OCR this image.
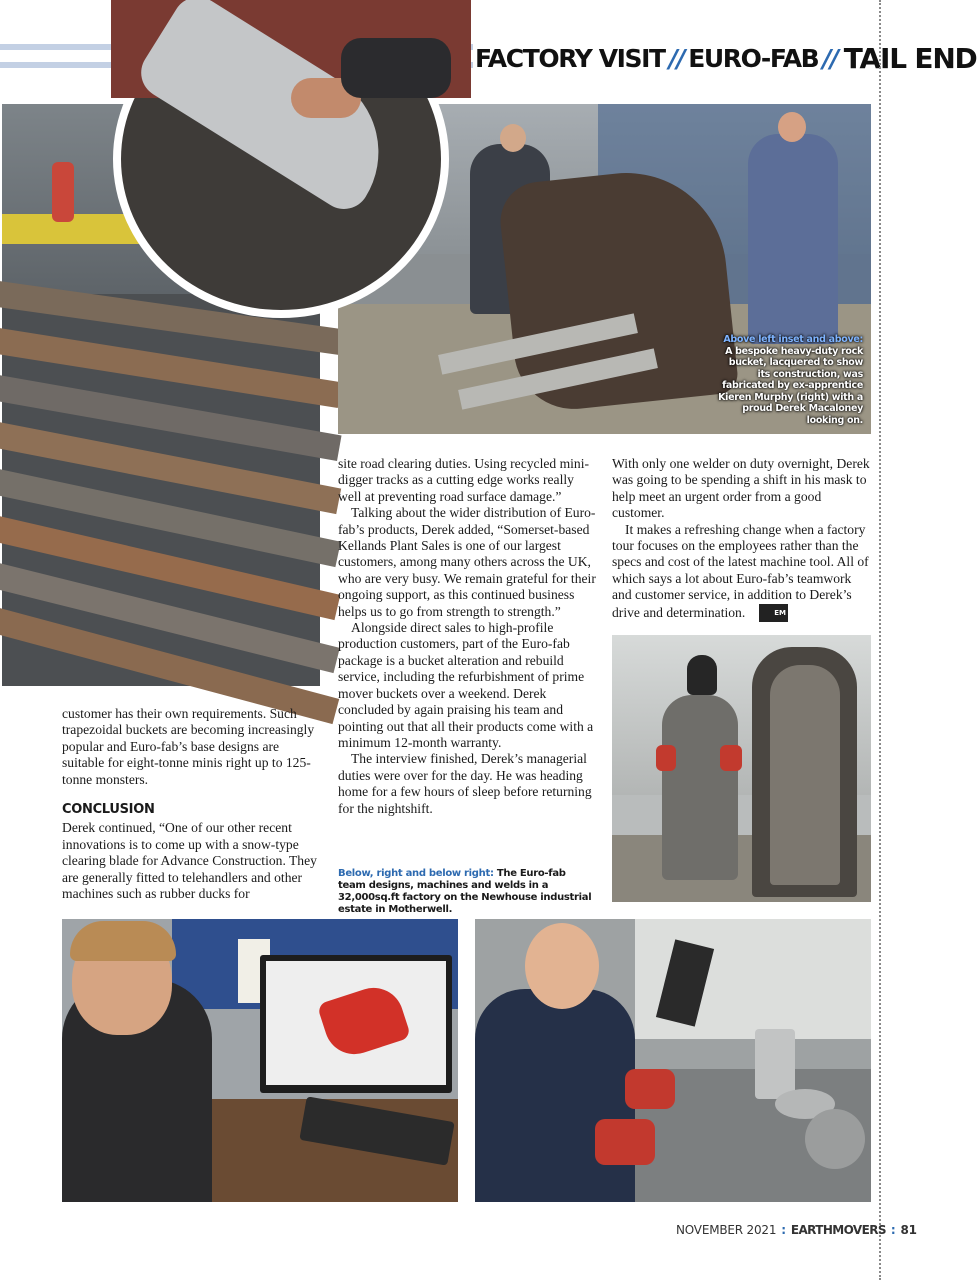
FACTORY VISIT // EURO-FAB // TAIL END
Above left inset and above: A bespoke heavy-duty rock bucket, lacquered to show its construction, was fabricated by ex-apprentice Kieren Murphy (right) with a proud Derek Macaloney looking on.

customer has their own requirements. Such trapezoidal buckets are becoming increasingly popular and Euro-fab’s base designs are suitable for eight-tonne minis right up to 125-tonne monsters.

CONCLUSION

Derek continued, “One of our other recent innovations is to come up with a snow-type clearing blade for Advance Construction. They are generally fitted to telehandlers and other machines such as rubber ducks for

site road clearing duties. Using recycled mini-digger tracks as a cutting edge works really well at preventing road surface damage.”

Talking about the wider distribution of Euro-fab’s products, Derek added, “Somerset-based Kellands Plant Sales is one of our largest customers, among many others across the UK, who are very busy. We remain grateful for their ongoing support, as this continued business helps us to go from strength to strength.”

Alongside direct sales to high-profile production customers, part of the Euro-fab package is a bucket alteration and rebuild service, including the refurbishment of prime mover buckets over a weekend. Derek concluded by again praising his team and pointing out that all their products come with a minimum 12-month warranty.

The interview finished, Derek’s managerial duties were over for the day. He was heading home for a few hours of sleep before returning for the nightshift.

Below, right and below right: The Euro-fab team designs, machines and welds in a 32,000sq.ft factory on the Newhouse industrial estate in Motherwell.

With only one welder on duty overnight, Derek was going to be spending a shift in his mask to help meet an urgent order from a good customer.

It makes a refreshing change when a factory tour focuses on the employees rather than the specs and cost of the latest machine tool. All of which says a lot about Euro-fab’s teamwork and customer service, in addition to Derek’s drive and determination.	EM

NOVEMBER 2021 : EARTHMOVERS : 81
